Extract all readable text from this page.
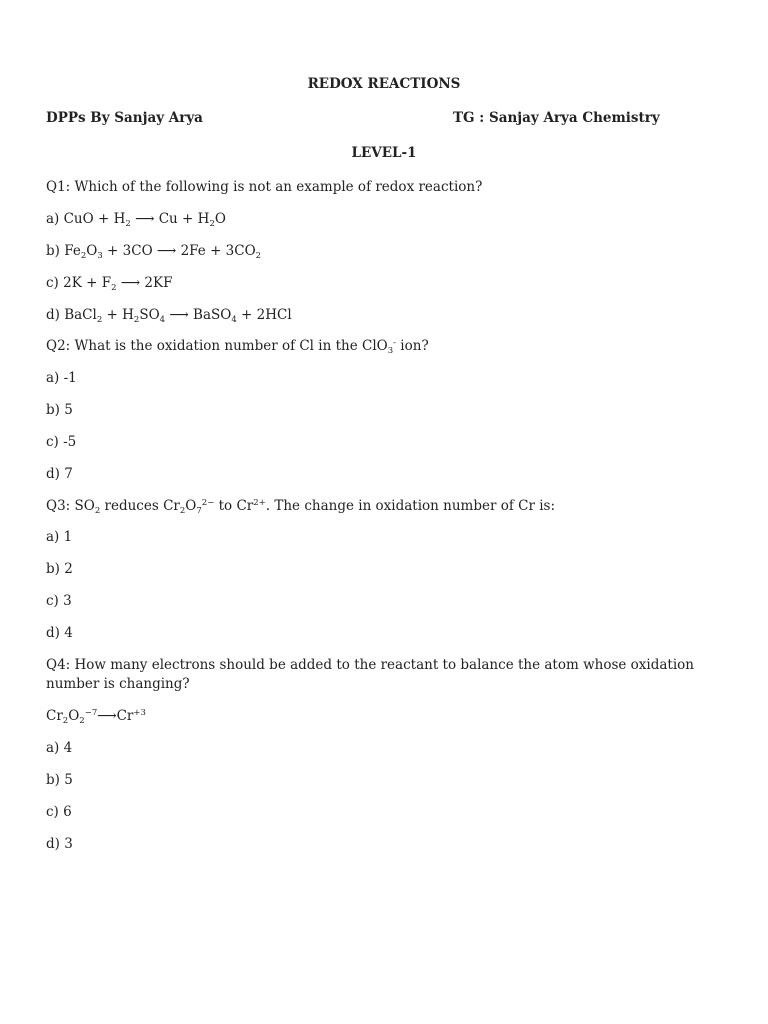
REDOX REACTIONS
DPPs By Sanjay Arya	TG : Sanjay Arya Chemistry
LEVEL-1
Q1: Which of the following is not an example of redox reaction?
a) CuO + $H_2$ ⟶ $Cu + H_2O$
b) $Fe_2O_3 + 3CO$ ⟶ $2Fe + 3CO_2$
c) $2K + F_2$ ⟶ 2KF
d) BaCl$_2$ + $H_2SO_4$ ⟶ BaSO$_4$ + 2HCl
Q2: What is the oxidation number of Cl in the ClO$_3$- ion?
a) -1
b) 5
c) -5
d) 7
Q3: $SO_2$ reduces $Cr_2O_7^{2-}$ to $Cr^{2+}$. The change in oxidation number of Cr is:
a) 1
b) 2
c) 3
d) 4
Q4: How many electrons should be added to the reactant to balance the atom whose oxidation number is changing?
$Cr_2O_2^{-7}⟶Cr^{+3}$
a) 4
b) 5
c) 6
d) 3
